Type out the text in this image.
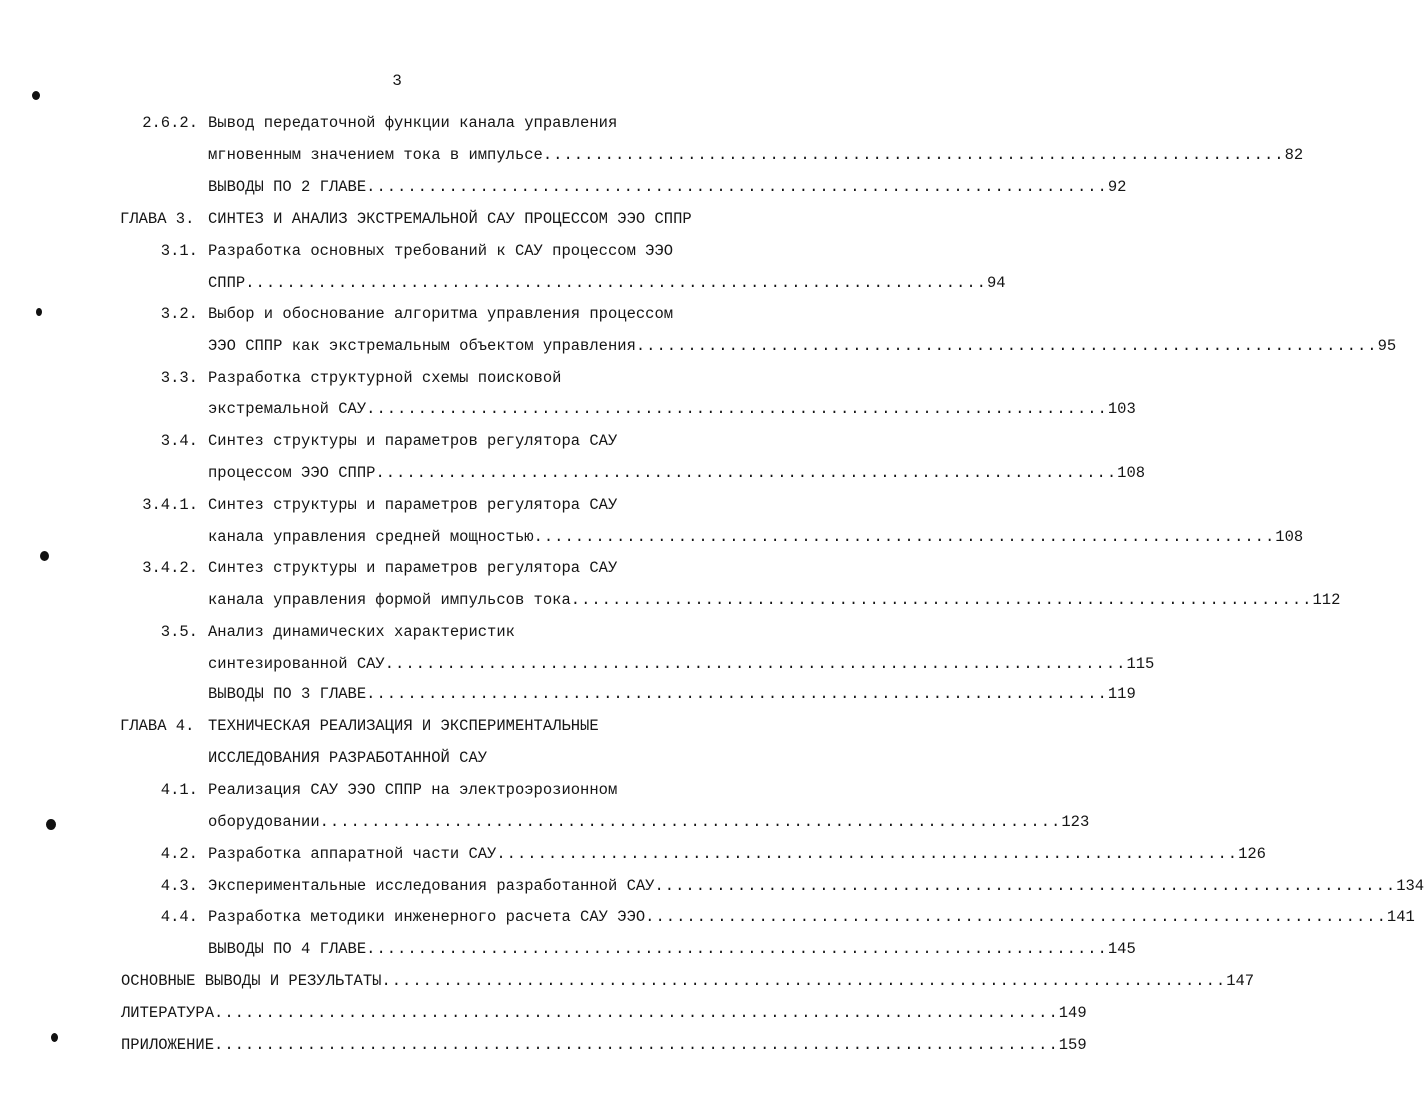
3
2.6.2. Вывод передаточной функции канала управления
мгновенным значением тока в импульсе ........................................................................ 82
ВЫВОДЫ ПО 2 ГЛАВЕ ........................................................................ 92
ГЛАВА 3. СИНТЕЗ И АНАЛИЗ ЭКСТРЕМАЛЬНОЙ САУ ПРОЦЕССОМ ЭЭО СППР
3.1. Разработка основных требований к САУ процессом ЭЭО
СППР ........................................................................ 94
3.2. Выбор и обоснование алгоритма управления процессом
ЭЭО СППР как экстремальным объектом управления ........................................................................ 95
3.3. Разработка структурной схемы поисковой
экстремальной САУ ........................................................................ 103
3.4. Синтез структуры и параметров регулятора САУ
процессом ЭЭО СППР ........................................................................ 108
3.4.1. Синтез структуры и параметров регулятора САУ
канала управления средней мощностью ........................................................................ 108
3.4.2. Синтез структуры и параметров регулятора САУ
канала управления формой импульсов тока ........................................................................ 112
3.5. Анализ динамических характеристик
синтезированной САУ ........................................................................ 115
ВЫВОДЫ ПО 3 ГЛАВЕ ........................................................................ 119
ГЛАВА 4. ТЕХНИЧЕСКАЯ РЕАЛИЗАЦИЯ И ЭКСПЕРИМЕНТАЛЬНЫЕ
ИССЛЕДОВАНИЯ РАЗРАБОТАННОЙ САУ
4.1. Реализация САУ ЭЭО СППР на электроэрозионном
оборудовании ........................................................................ 123
4.2. Разработка аппаратной части САУ ........................................................................ 126
4.3. Экспериментальные исследования разработанной САУ ........................................................................ 134
4.4. Разработка методики инженерного расчета САУ ЭЭО ........................................................................ 141
ВЫВОДЫ ПО 4 ГЛАВЕ ........................................................................ 145
ОСНОВНЫЕ ВЫВОДЫ И РЕЗУЛЬТАТЫ .................................................................................. 147
ЛИТЕРАТУРА .................................................................................. 149
ПРИЛОЖЕНИЕ .................................................................................. 159
